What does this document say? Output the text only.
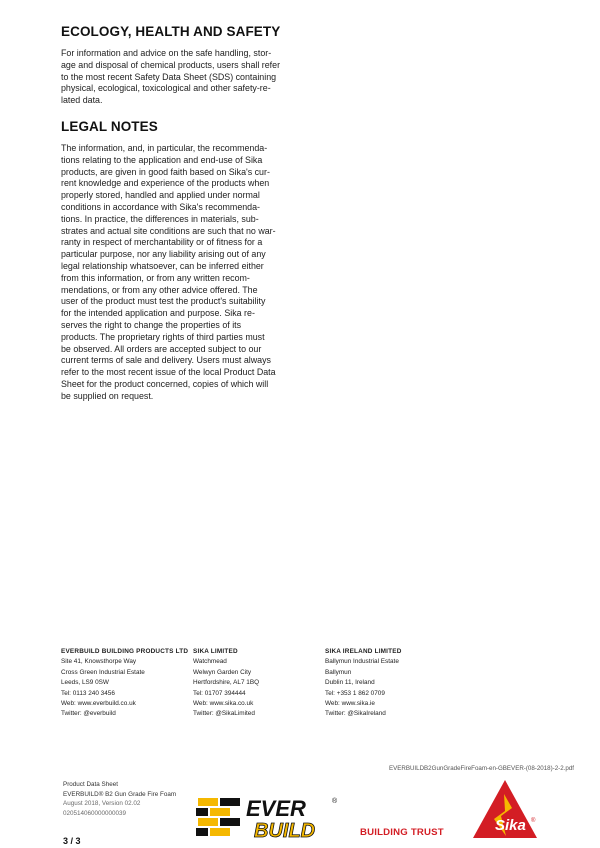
ECOLOGY, HEALTH AND SAFETY

For information and advice on the safe handling, stor-
age and disposal of chemical products, users shall refer
to the most recent Safety Data Sheet (SDS) containing
physical, ecological, toxicological and other safety-re-
lated data.

LEGAL NOTES

The information, and, in particular, the recommenda-
tions relating to the application and end-use of Sika
products, are given in good faith based on Sika's cur-
rent knowledge and experience of the products when
properly stored, handled and applied under normal
conditions in accordance with Sika's recommenda-
tions. In practice, the differences in materials, sub-
strates and actual site conditions are such that no war-
ranty in respect of merchantability or of fitness for a
particular purpose, nor any liability arising out of any
legal relationship whatsoever, can be inferred either
from this information, or from any written recom-
mendations, or from any other advice offered. The
user of the product must test the product's suitability
for the intended application and purpose. Sika re-
serves the right to change the properties of its
products. The proprietary rights of third parties must
be observed. All orders are accepted subject to our
current terms of sale and delivery. Users must always
refer to the most recent issue of the local Product Data
Sheet for the product concerned, copies of which will
be supplied on request.

EVERBUILD BUILDING PRODUCTS LTD
Site 41, Knowsthorpe Way
Cross Green Industrial Estate
Leeds, LS9 0SW
Tel: 0113 240 3456
Web: www.everbuild.co.uk
Twitter: @everbuild
SIKA LIMITED
Watchmead
Welwyn Garden City
Hertfordshire, AL7 1BQ
Tel: 01707 394444
Web: www.sika.co.uk
Twitter: @SikaLimited
SIKA IRELAND LIMITED
Ballymun Industrial Estate
Ballymun
Dublin 11, Ireland
Tel: +353 1 862 0709
Web: www.sika.ie
Twitter: @SikaIreland
EVERBUILDB2GunGradeFireFoam-en-GBEVER-(08-2018)-2-2.pdf
Product Data Sheet
EVERBUILD® B2 Gun Grade Fire Foam
August 2018, Version 02.02
020514060000000039
3 / 3
EVER
BUILD
®
BUILDING TRUST	Sika ®
